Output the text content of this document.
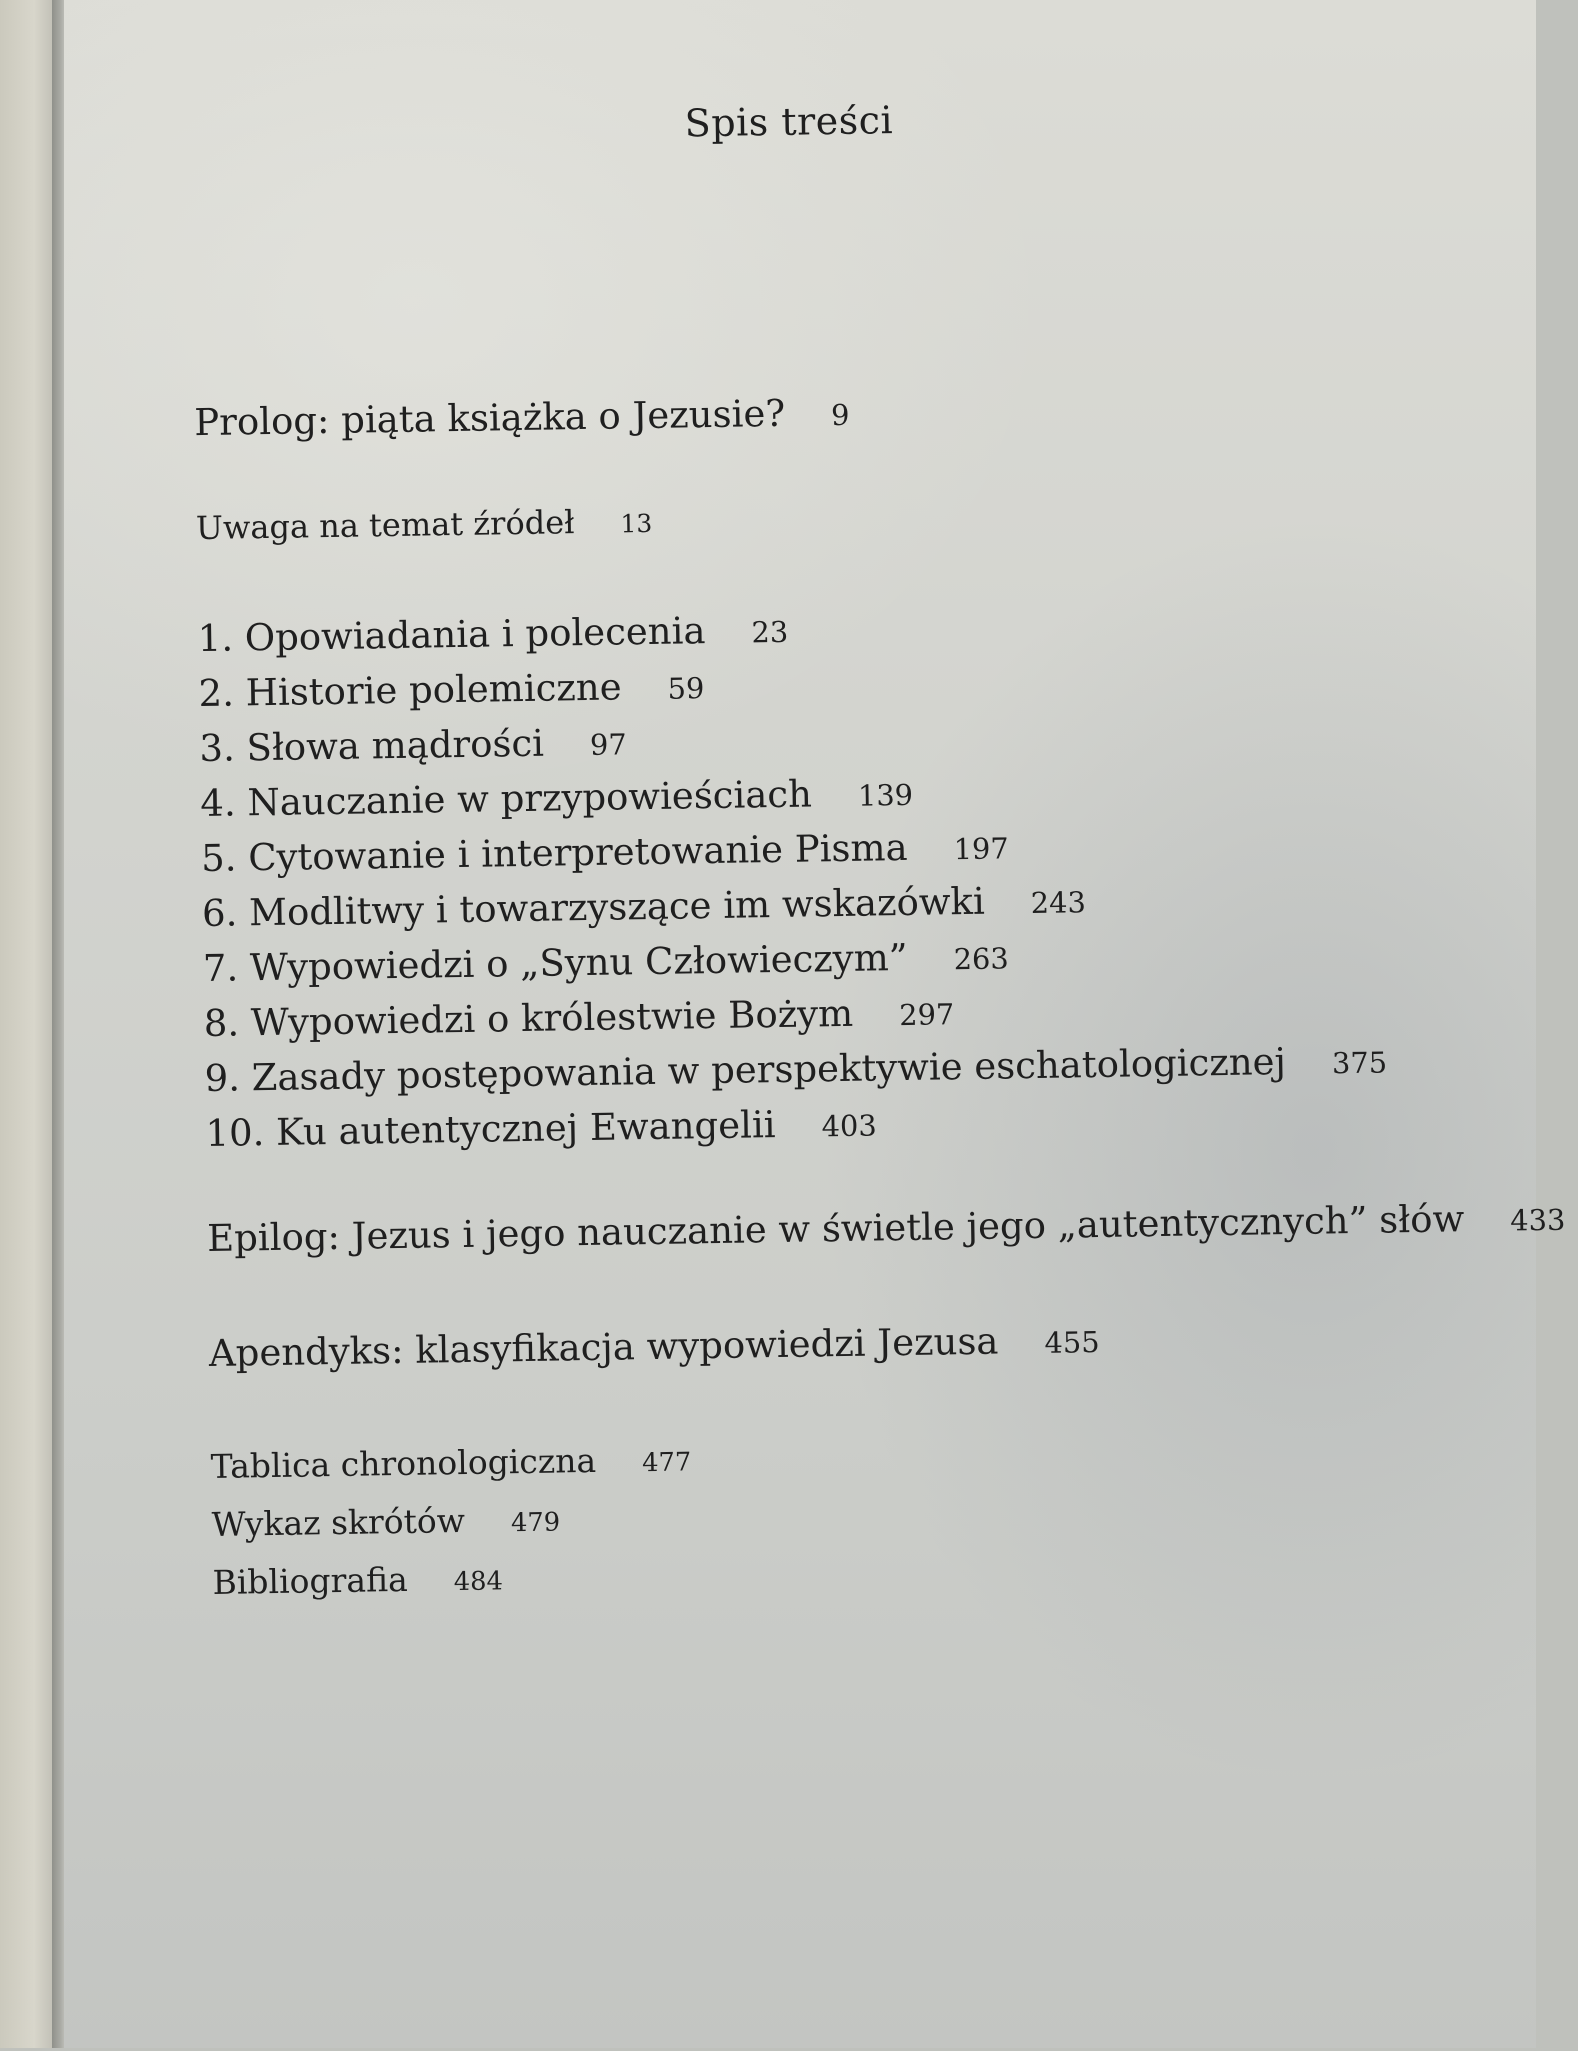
Spis treści
Prolog: piąta książka o Jezusie? 9
Uwaga na temat źródeł 13
1. Opowiadania i polecenia 23
2. Historie polemiczne 59
3. Słowa mądrości 97
4. Nauczanie w przypowieściach 139
5. Cytowanie i interpretowanie Pisma 197
6. Modlitwy i towarzyszące im wskazówki 243
7. Wypowiedzi o „Synu Człowieczym” 263
8. Wypowiedzi o królestwie Bożym 297
9. Zasady postępowania w perspektywie eschatologicznej 375
10. Ku autentycznej Ewangelii 403
Epilog: Jezus i jego nauczanie w świetle jego „autentycznych” słów 433
Apendyks: klasyfikacja wypowiedzi Jezusa 455
Tablica chronologiczna 477
Wykaz skrótów 479
Bibliografia 484
